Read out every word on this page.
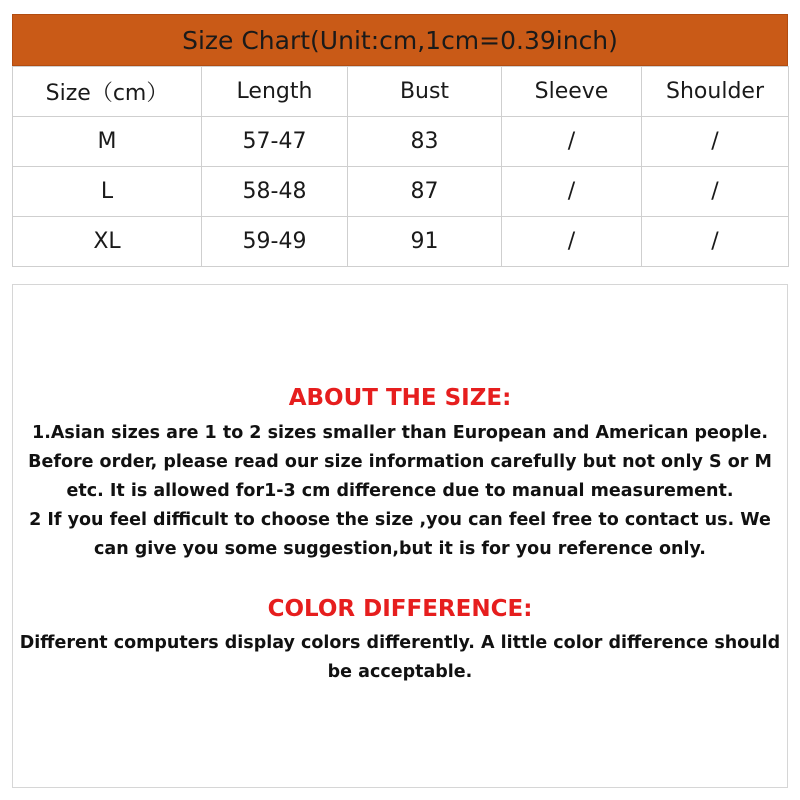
Size Chart(Unit:cm,1cm=0.39inch)
Size（cm）	Length	Bust	Sleeve	Shoulder
M	57-47	83	/	/
L	58-48	87	/	/
XL	59-49	91	/	/
ABOUT THE SIZE:
1.Asian sizes are 1 to 2 sizes smaller than European and American people.
Before order, please read our size information carefully but not only S or M
etc. It is allowed for1-3 cm difference due to manual measurement.
2 If you feel difficult to choose the size ,you can feel free to contact us. We
can give you some suggestion,but it is for you reference only.
COLOR DIFFERENCE:
Different computers display colors differently. A little color difference should
be acceptable.
